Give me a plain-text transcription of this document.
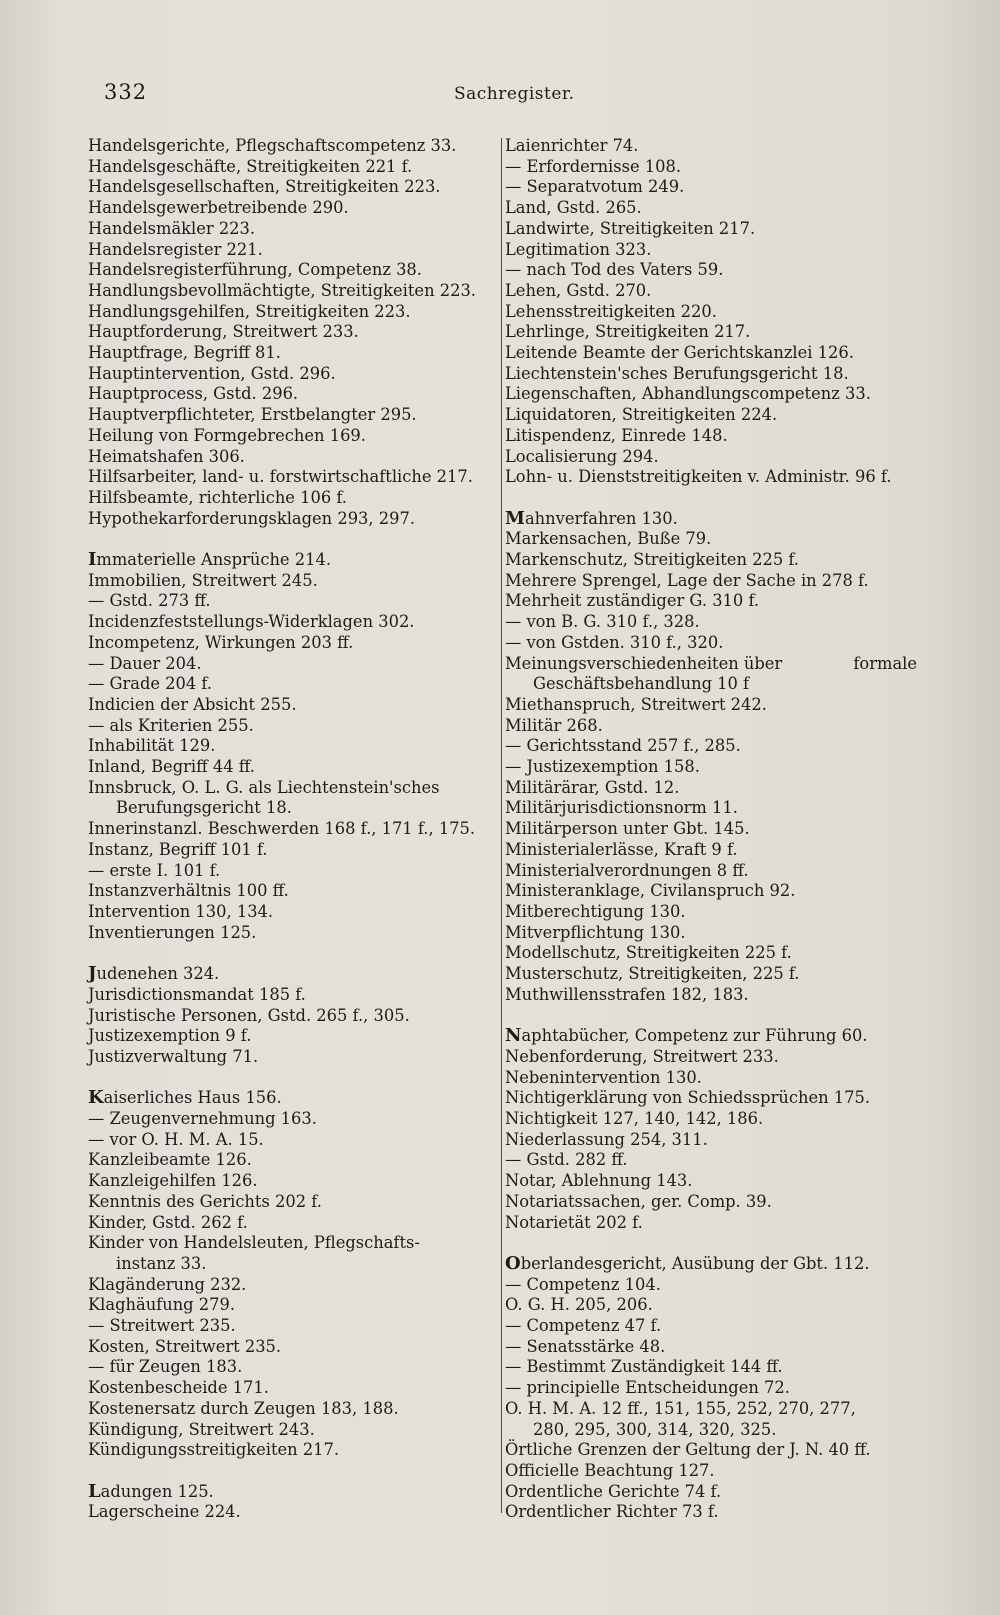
332	Sachregister.
Handelsgerichte, Pflegschaftscompetenz 33.
Handelsgeschäfte, Streitigkeiten 221 f.
Handelsgesellschaften, Streitigkeiten 223.
Handelsgewerbetreibende 290.
Handelsmäkler 223.
Handelsregister 221.
Handelsregisterführung, Competenz 38.
Handlungsbevollmächtigte, Streitigkeiten 223.
Handlungsgehilfen, Streitigkeiten 223.
Hauptforderung, Streitwert 233.
Hauptfrage, Begriff 81.
Hauptintervention, Gstd. 296.
Hauptprocess, Gstd. 296.
Hauptverpflichteter, Erstbelangter 295.
Heilung von Formgebrechen 169.
Heimatshafen 306.
Hilfsarbeiter, land- u. forstwirtschaftliche 217.
Hilfsbeamte, richterliche 106 f.
Hypothekarforderungsklagen 293, 297.
Immaterielle Ansprüche 214.
Immobilien, Streitwert 245.
— Gstd. 273 ff.
Incidenzfeststellungs-Widerklagen 302.
Incompetenz, Wirkungen 203 ff.
— Dauer 204.
— Grade 204 f.
Indicien der Absicht 255.
— als Kriterien 255.
Inhabilität 129.
Inland, Begriff 44 ff.
Innsbruck, O. L. G. als Liechtenstein'sches
Berufungsgericht 18.
Innerinstanzl. Beschwerden 168 f., 171 f., 175.
Instanz, Begriff 101 f.
— erste I. 101 f.
Instanzverhältnis 100 ff.
Intervention 130, 134.
Inventierungen 125.
Judenehen 324.
Jurisdictionsmandat 185 f.
Juristische Personen, Gstd. 265 f., 305.
Justizexemption 9 f.
Justizverwaltung 71.
Kaiserliches Haus 156.
— Zeugenvernehmung 163.
— vor O. H. M. A. 15.
Kanzleibeamte 126.
Kanzleigehilfen 126.
Kenntnis des Gerichts 202 f.
Kinder, Gstd. 262 f.
Kinder von Handelsleuten, Pflegschafts-
instanz 33.
Klagänderung 232.
Klaghäufung 279.
— Streitwert 235.
Kosten, Streitwert 235.
— für Zeugen 183.
Kostenbescheide 171.
Kostenersatz durch Zeugen 183, 188.
Kündigung, Streitwert 243.
Kündigungsstreitigkeiten 217.
Ladungen 125.
Lagerscheine 224.
Laienrichter 74.
— Erfordernisse 108.
— Separatvotum 249.
Land, Gstd. 265.
Landwirte, Streitigkeiten 217.
Legitimation 323.
— nach Tod des Vaters 59.
Lehen, Gstd. 270.
Lehensstreitigkeiten 220.
Lehrlinge, Streitigkeiten 217.
Leitende Beamte der Gerichtskanzlei 126.
Liechtenstein'sches Berufungsgericht 18.
Liegenschaften, Abhandlungscompetenz 33.
Liquidatoren, Streitigkeiten 224.
Litispendenz, Einrede 148.
Localisierung 294.
Lohn- u. Dienststreitigkeiten v. Administr. 96 f.
Mahnverfahren 130.
Markensachen, Buße 79.
Markenschutz, Streitigkeiten 225 f.
Mehrere Sprengel, Lage der Sache in 278 f.
Mehrheit zuständiger G. 310 f.
— von B. G. 310 f., 328.
— von Gstden. 310 f., 320.
Meinungsverschiedenheiten über	formale
Geschäftsbehandlung 10 f
Miethanspruch, Streitwert 242.
Militär 268.
— Gerichtsstand 257 f., 285.
— Justizexemption 158.
Militärärar, Gstd. 12.
Militärjurisdictionsnorm 11.
Militärperson unter Gbt. 145.
Ministerialerlässe, Kraft 9 f.
Ministerialverordnungen 8 ff.
Ministeranklage, Civilanspruch 92.
Mitberechtigung 130.
Mitverpflichtung 130.
Modellschutz, Streitigkeiten 225 f.
Musterschutz, Streitigkeiten, 225 f.
Muthwillensstrafen 182, 183.
Naphtabücher, Competenz zur Führung 60.
Nebenforderung, Streitwert 233.
Nebenintervention 130.
Nichtigerklärung von Schiedssprüchen 175.
Nichtigkeit 127, 140, 142, 186.
Niederlassung 254, 311.
— Gstd. 282 ff.
Notar, Ablehnung 143.
Notariatssachen, ger. Comp. 39.
Notarietät 202 f.
Oberlandesgericht, Ausübung der Gbt. 112.
— Competenz 104.
O. G. H. 205, 206.
— Competenz 47 f.
— Senatsstärke 48.
— Bestimmt Zuständigkeit 144 ff.
— principielle Entscheidungen 72.
O. H. M. A. 12 ff., 151, 155, 252, 270, 277,
280, 295, 300, 314, 320, 325.
Örtliche Grenzen der Geltung der J. N. 40 ff.
Officielle Beachtung 127.
Ordentliche Gerichte 74 f.
Ordentlicher Richter 73 f.
